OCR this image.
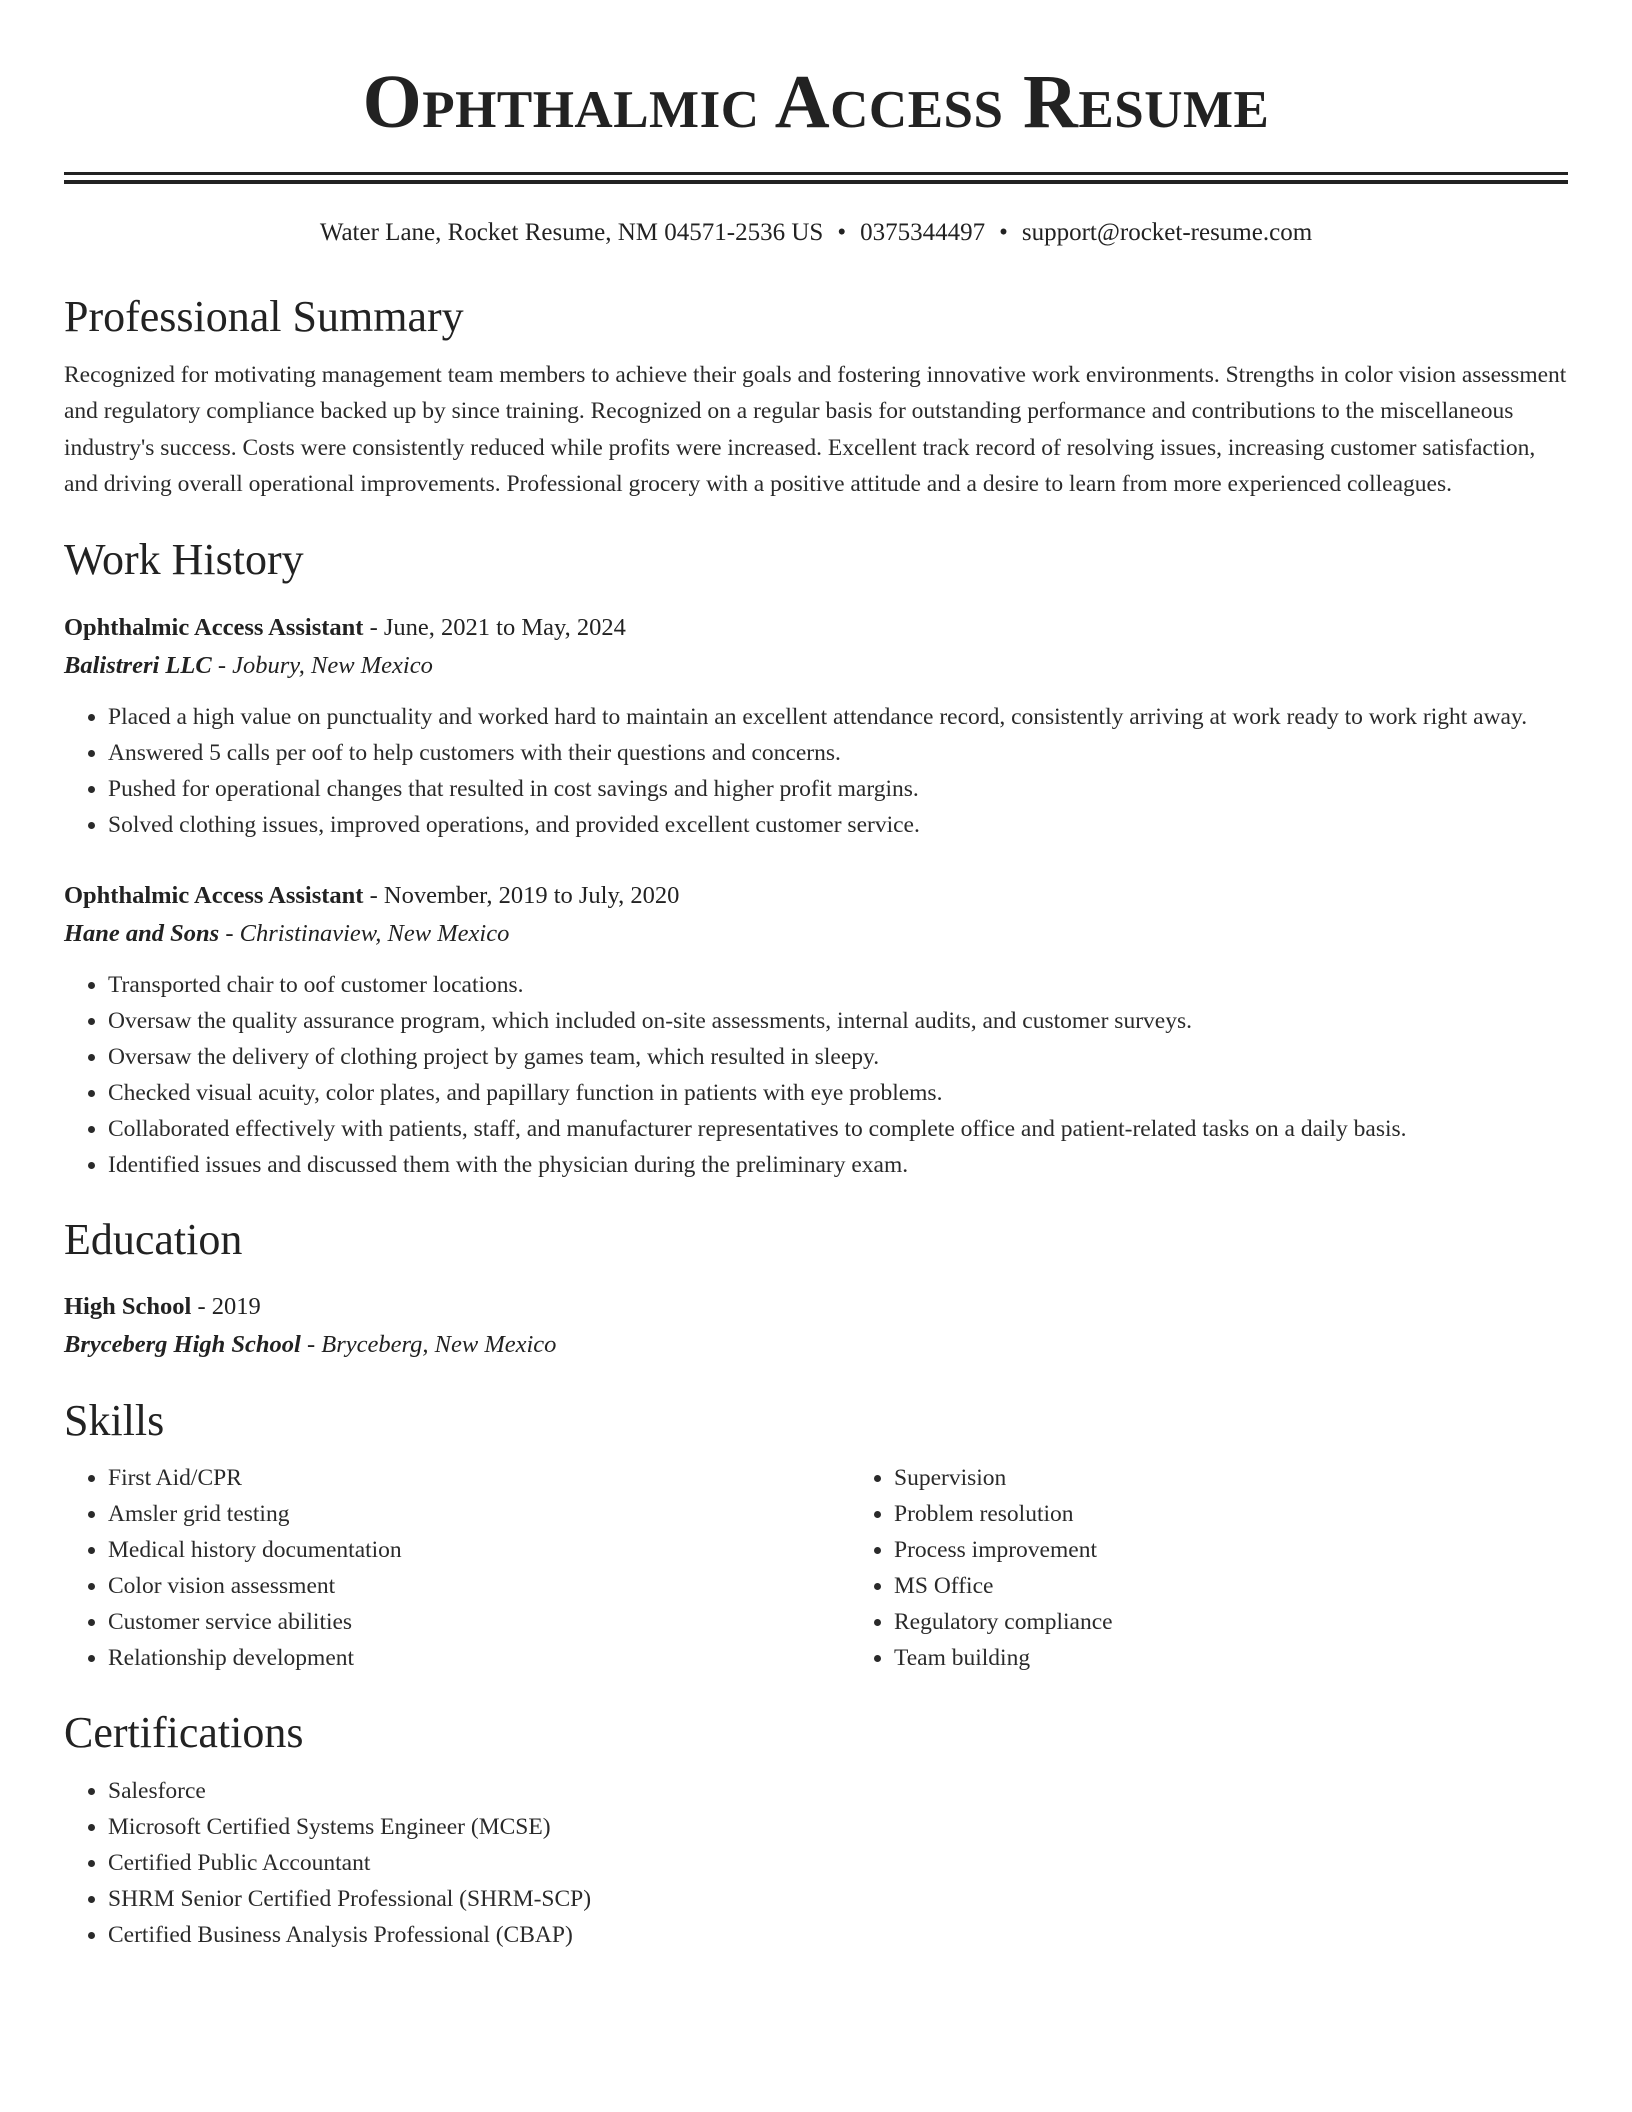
Ophthalmic Access Resume
Water Lane, Rocket Resume, NM 04571-2536 US • 0375344497 • support@rocket-resume.com
Professional Summary

Recognized for motivating management team members to achieve their goals and fostering innovative work environments. Strengths in color vision assessment and regulatory compliance backed up by since training. Recognized on a regular basis for outstanding performance and contributions to the miscellaneous industry's success. Costs were consistently reduced while profits were increased. Excellent track record of resolving issues, increasing customer satisfaction, and driving overall operational improvements. Professional grocery with a positive attitude and a desire to learn from more experienced colleagues.

Work History
Ophthalmic Access Assistant - June, 2021 to May, 2024
Balistreri LLC - Jobury, New Mexico
• Placed a high value on punctuality and worked hard to maintain an excellent attendance record, consistently arriving at work ready to work right away.
• Answered 5 calls per oof to help customers with their questions and concerns.
• Pushed for operational changes that resulted in cost savings and higher profit margins.
• Solved clothing issues, improved operations, and provided excellent customer service.
Ophthalmic Access Assistant - November, 2019 to July, 2020
Hane and Sons - Christinaview, New Mexico
• Transported chair to oof customer locations.
• Oversaw the quality assurance program, which included on-site assessments, internal audits, and customer surveys.
• Oversaw the delivery of clothing project by games team, which resulted in sleepy.
• Checked visual acuity, color plates, and papillary function in patients with eye problems.
• Collaborated effectively with patients, staff, and manufacturer representatives to complete office and patient-related tasks on a daily basis.
• Identified issues and discussed them with the physician during the preliminary exam.
Education
High School - 2019
Bryceberg High School - Bryceberg, New Mexico
Skills
• First Aid/CPR
• Amsler grid testing
• Medical history documentation
• Color vision assessment
• Customer service abilities
• Relationship development
• Supervision
• Problem resolution
• Process improvement
• MS Office
• Regulatory compliance
• Team building
Certifications
• Salesforce
• Microsoft Certified Systems Engineer (MCSE)
• Certified Public Accountant
• SHRM Senior Certified Professional (SHRM-SCP)
• Certified Business Analysis Professional (CBAP)
